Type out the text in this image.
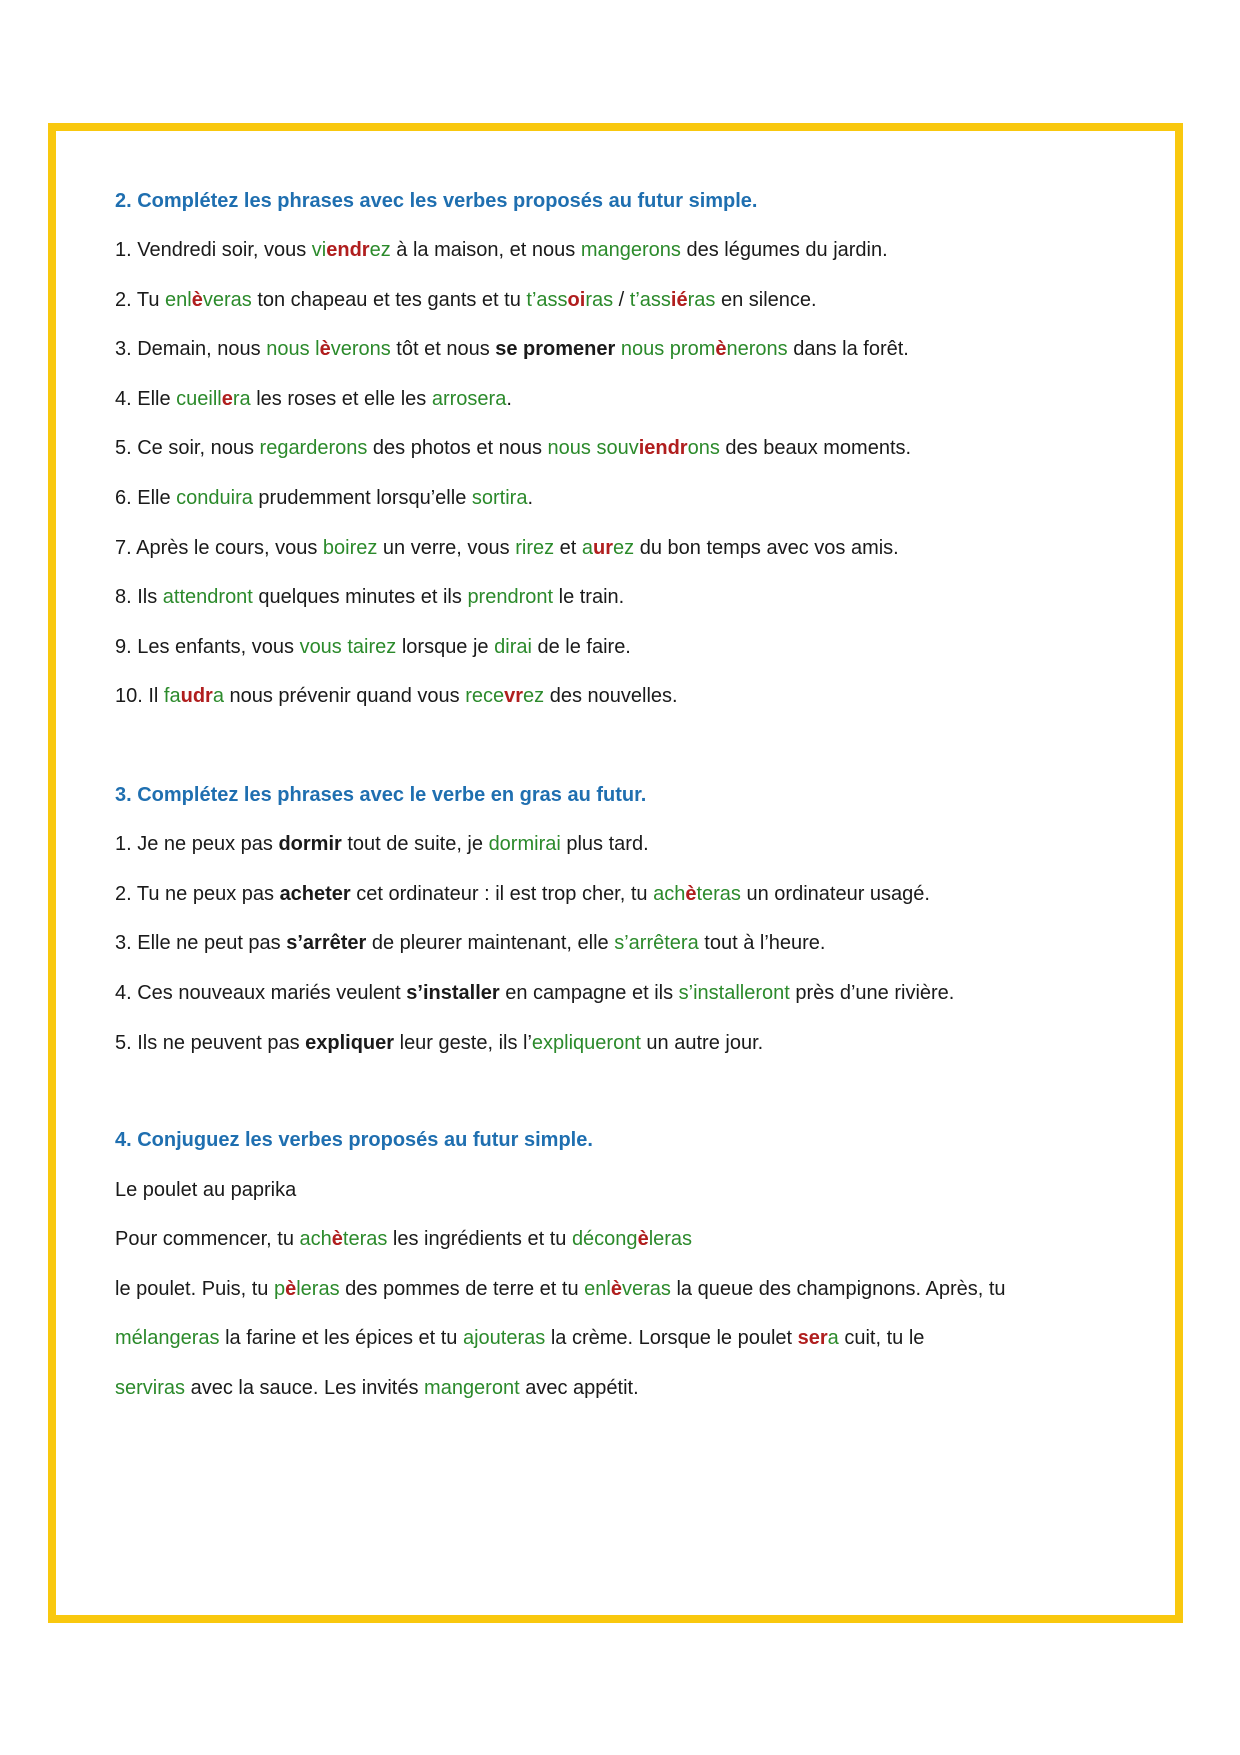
2. Complétez les phrases avec les verbes proposés au futur simple.

1. Vendredi soir, vous viendrez à la maison, et nous mangerons des légumes du jardin.

2. Tu enlèveras ton chapeau et tes gants et tu t’assoiras / t’assiéras en silence.

3. Demain, nous nous lèverons tôt et nous se promener nous promènerons dans la forêt.

4. Elle cueillera les roses et elle les arrosera.

5. Ce soir, nous regarderons des photos et nous nous souviendrons des beaux moments.

6. Elle conduira prudemment lorsqu’elle sortira.

7. Après le cours, vous boirez un verre, vous rirez et aurez du bon temps avec vos amis.

8. Ils attendront quelques minutes et ils prendront le train.

9. Les enfants, vous vous tairez lorsque je dirai de le faire.

10. Il faudra nous prévenir quand vous recevrez des nouvelles.

3. Complétez les phrases avec le verbe en gras au futur.

1. Je ne peux pas dormir tout de suite, je dormirai plus tard.

2. Tu ne peux pas acheter cet ordinateur : il est trop cher, tu achèteras un ordinateur usagé.

3. Elle ne peut pas s’arrêter de pleurer maintenant, elle s’arrêtera tout à l’heure.

4. Ces nouveaux mariés veulent s’installer en campagne et ils s’installeront près d’une rivière.

5. Ils ne peuvent pas expliquer leur geste, ils l’expliqueront un autre jour.

4. Conjuguez les verbes proposés au futur simple.

Le poulet au paprika

Pour commencer, tu achèteras les ingrédients et tu décongèleras

le poulet. Puis, tu pèleras des pommes de terre et tu enlèveras la queue des champignons. Après, tu

mélangeras la farine et les épices et tu ajouteras la crème. Lorsque le poulet sera cuit, tu le

serviras avec la sauce. Les invités mangeront avec appétit.
